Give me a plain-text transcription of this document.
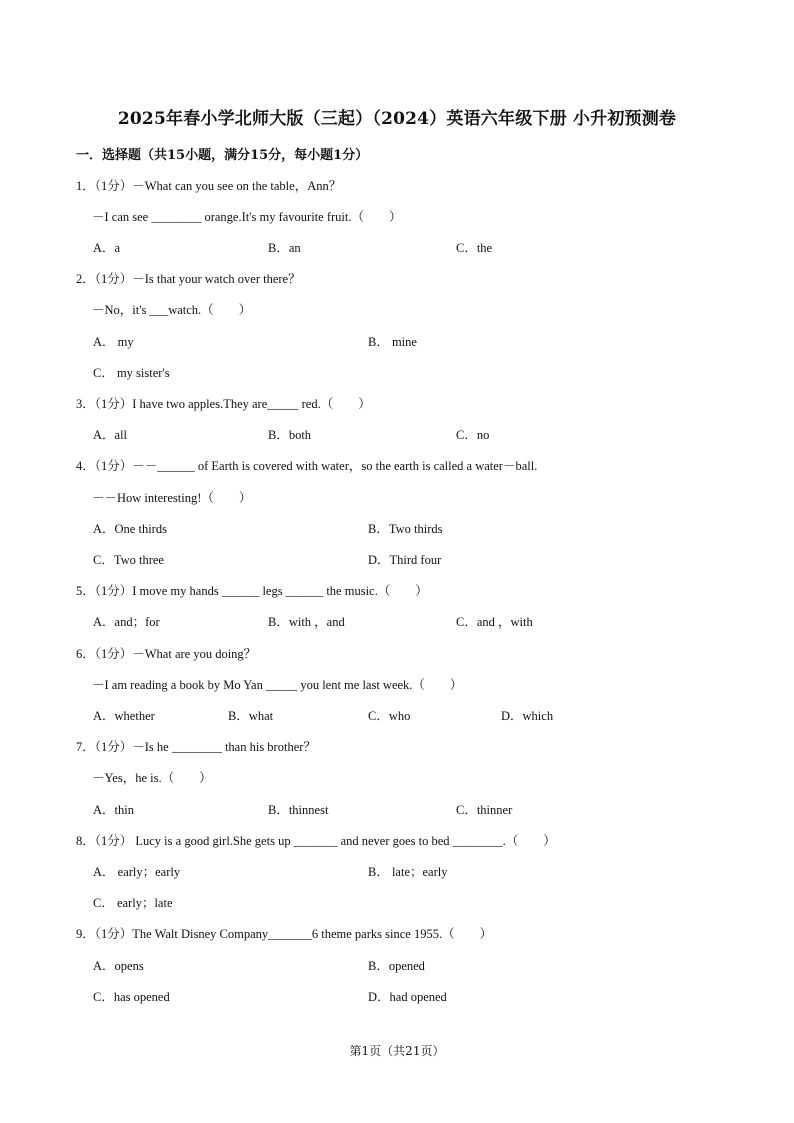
2025年春小学北师大版（三起）（2024）英语六年级下册 小升初预测卷
一．选择题（共15小题，满分15分，每小题1分）
1．（1分）－What can you see on the table，Ann？
－I can see ________ orange.It's my favourite fruit.（　　）
A．a	B．an	C．the
2．（1分）－Is that your watch over there？
－No，it's ___watch.（　　）
A． my	B． mine
C． my sister's
3．（1分）I have two apples.They are_____ red.（　　）
A．all	B．both	C．no
4．（1分）－－______ of Earth is covered with water，so the earth is called a water－ball.
－－How interesting!（　　）
A．One thirds	B．Two thirds
C．Two three	D．Third four
5．（1分）I move my hands ______ legs ______ the music.（　　）
A．and；for	B．with ，and	C．and ，with
6．（1分）－What are you doing？
－I am reading a book by Mo Yan _____ you lent me last week.（　　）
A．whether	B．what	C．who	D．which
7．（1分）－Is he ________ than his brother？
－Yes，he is.（　　）
A．thin	B．thinnest	C．thinner
8．（1分） Lucy is a good girl.She gets up _______ and never goes to bed ________.（　　）
A． early；early	B． late；early
C． early；late
9．（1分）The Walt Disney Company_______6 theme parks since 1955.（　　）
A．opens	B．opened
C．has opened	D．had opened
第1页（共21页）
